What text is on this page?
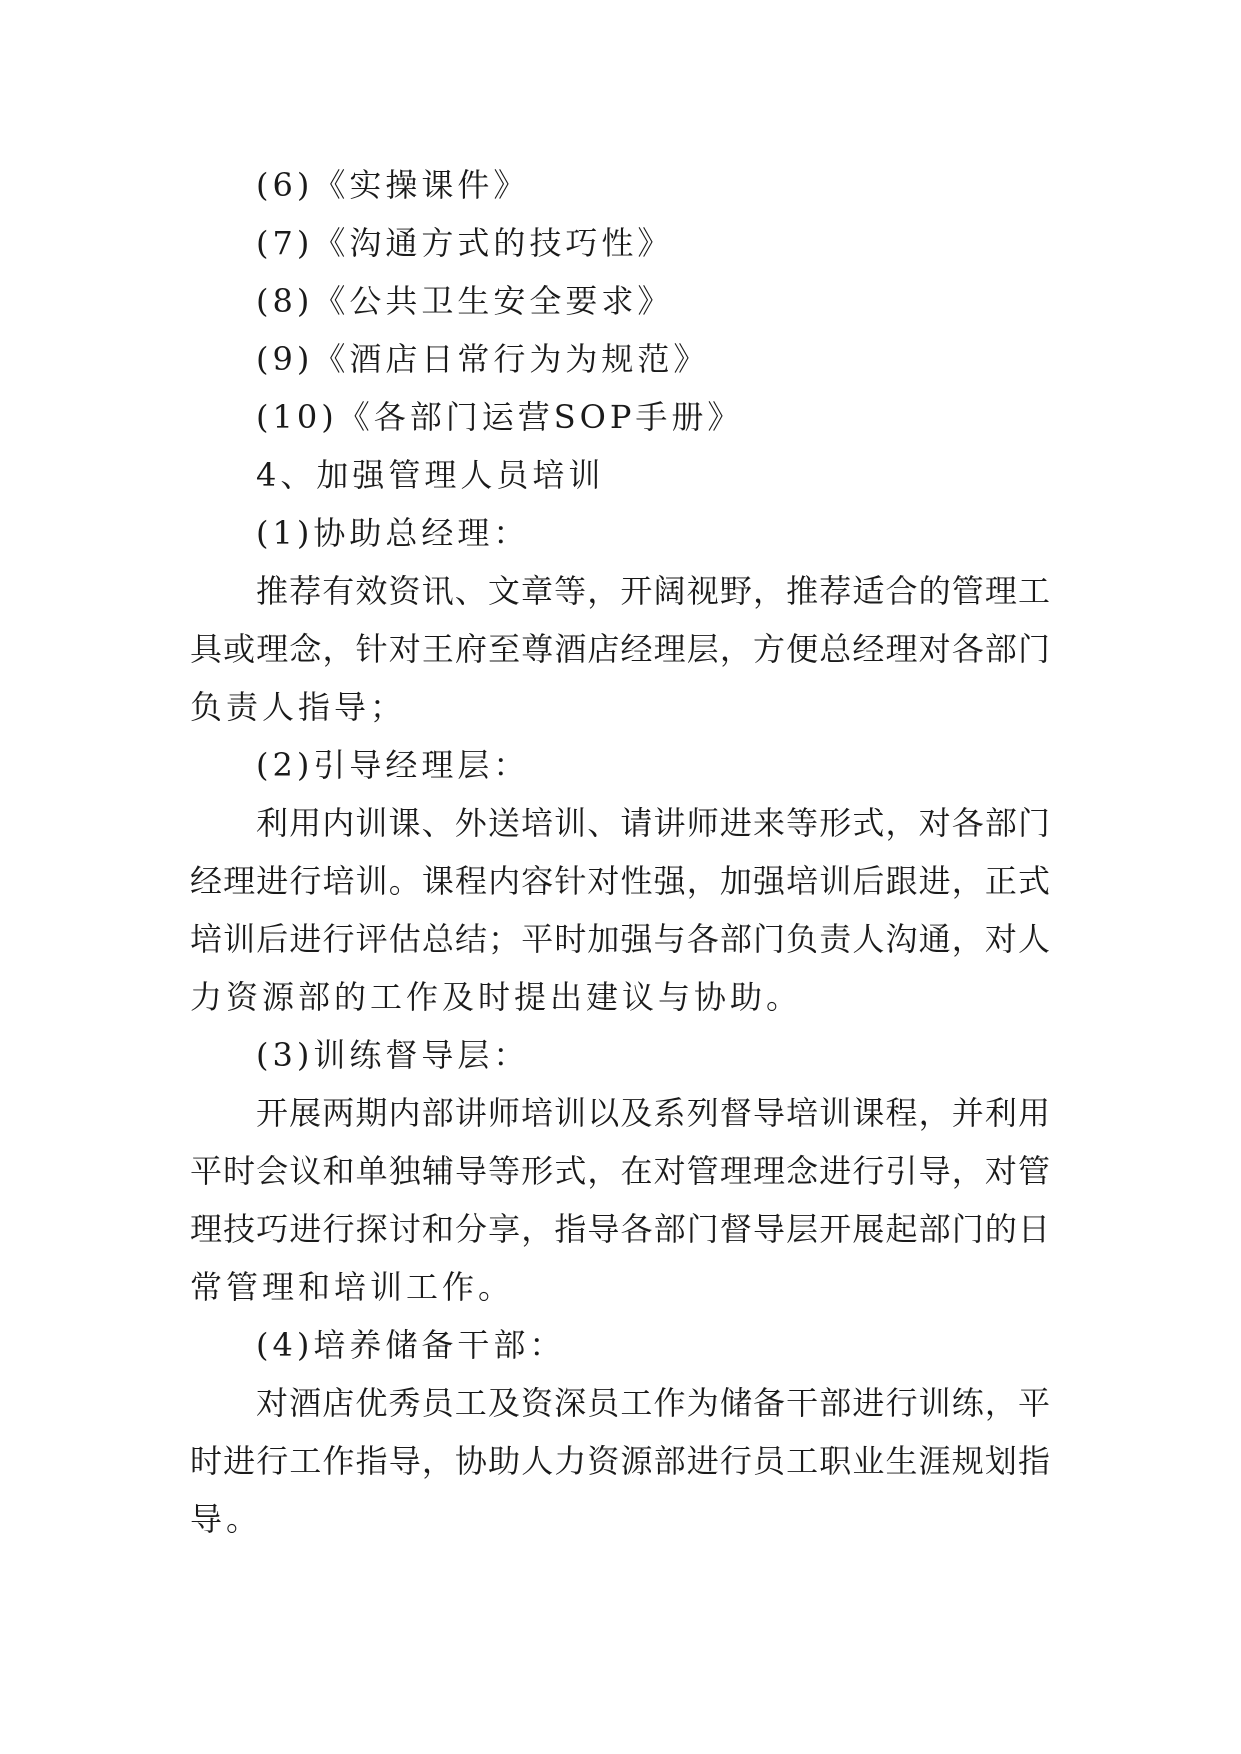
(6)《实操课件》
(7)《沟通方式的技巧性》
(8)《公共卫生安全要求》
(9)《酒店日常行为为规范》
(10)《各部门运营SOP手册》
4、加强管理人员培训
(1)协助总经理：
推荐有效资讯、文章等，开阔视野，推荐适合的管理工
具或理念，针对王府至尊酒店经理层，方便总经理对各部门
负责人指导；
(2)引导经理层：
利用内训课、外送培训、请讲师进来等形式，对各部门
经理进行培训。课程内容针对性强，加强培训后跟进，正式
培训后进行评估总结；平时加强与各部门负责人沟通，对人
力资源部的工作及时提出建议与协助。
(3)训练督导层：
开展两期内部讲师培训以及系列督导培训课程，并利用
平时会议和单独辅导等形式，在对管理理念进行引导，对管
理技巧进行探讨和分享，指导各部门督导层开展起部门的日
常管理和培训工作。
(4)培养储备干部：
对酒店优秀员工及资深员工作为储备干部进行训练，平
时进行工作指导，协助人力资源部进行员工职业生涯规划指
导。
